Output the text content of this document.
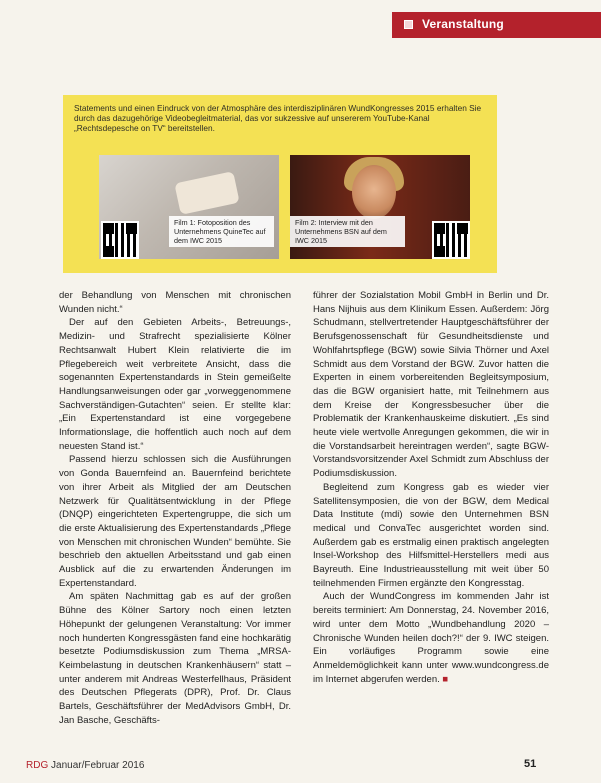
Veranstaltung
Statements und einen Eindruck von der Atmosphäre des interdisziplinären WundKongresses 2015 erhalten Sie durch das dazugehörige Videobegleitmaterial, das vor sukzessive auf unsererem YouTube-Kanal „Rechtsdepesche on TV“ bereitstellen.
Film 1: Fotoposition des Unternehmens QuineTec auf dem IWC 2015
Film 2: Interview mit den Unternehmens BSN auf dem IWC 2015

der Behandlung von Menschen mit chronischen Wunden nicht.“

Der auf den Gebieten Arbeits-, Betreuungs-, Medizin- und Strafrecht spezialisierte Kölner Rechtsanwalt Hubert Klein relativierte die im Pflegebereich weit verbreitete Ansicht, dass die sogenannten Expertenstandards in Stein gemeißelte Handlungsanweisungen oder gar „vorweggenommene Sachverständigen-Gutachten“ seien. Er stellte klar: „Ein Expertenstandard ist eine vorgegebene Informationslage, die hoffentlich auch noch auf dem neuesten Stand ist.“

Passend hierzu schlossen sich die Ausführungen von Gonda Bauernfeind an. Bauernfeind berichtete von ihrer Arbeit als Mitglied der am Deutschen Netzwerk für Qualitätsentwicklung in der Pflege (DNQP) eingerichteten Expertengruppe, die sich um die erste Aktualisierung des Expertenstandards „Pflege von Menschen mit chronischen Wunden“ bemühte. Sie beschrieb den aktuellen Arbeitsstand und gab einen Ausblick auf die zu erwartenden Änderungen im Expertenstandard.

Am späten Nachmittag gab es auf der großen Bühne des Kölner Sartory noch einen letzten Höhepunkt der gelungenen Veranstaltung: Vor immer noch hunderten Kongressgästen fand eine hochkarätig besetzte Podiumsdiskussion zum Thema „MRSA-Keimbelastung in deutschen Krankenhäusern“ statt – unter anderem mit Andreas Westerfellhaus, Präsident des Deutschen Pflegerats (DPR), Prof. Dr. Claus Bartels, Geschäftsführer der MedAdvisors GmbH, Dr. Jan Basche, Geschäfts-

führer der Sozialstation Mobil GmbH in Berlin und Dr. Hans Nijhuis aus dem Klinikum Essen. Außerdem: Jörg Schudmann, stellvertretender Hauptgeschäftsführer der Berufsgenossenschaft für Gesundheitsdienste und Wohlfahrtspflege (BGW) sowie Silvia Thörner und Axel Schmidt aus dem Vorstand der BGW. Zuvor hatten die Experten in einem vorbereitenden Begleitsymposium, das die BGW organisiert hatte, mit Teilnehmern aus dem Kreise der Kongressbesucher über die Problematik der Krankenhauskeime diskutiert. „Es sind heute viele wertvolle Anregungen gekommen, die wir in die Vorstandsarbeit hereintragen werden“, sagte BGW-Vorstandsvorsitzender Axel Schmidt zum Abschluss der Podiumsdiskussion.

Begleitend zum Kongress gab es wieder vier Satellitensymposien, die von der BGW, dem Medical Data Institute (mdi) sowie den Unternehmen BSN medical und ConvaTec ausgerichtet worden sind. Außerdem gab es erstmalig einen praktisch angelegten Insel-Workshop des Hilfsmittel-Herstellers medi aus Bayreuth. Eine Industrieausstellung mit weit über 50 teilnehmenden Firmen ergänzte den Kongresstag.

Auch der WundCongress im kommenden Jahr ist bereits terminiert: Am Donnerstag, 24. November 2016, wird unter dem Motto „Wundbehandlung 2020 – Chronische Wunden heilen doch?!“ der 9. IWC steigen. Ein vorläufiges Programm sowie eine Anmeldemöglichkeit kann unter www.wundcongress.de im Internet abgerufen werden. ■

RDG Januar/Februar 2016	51
